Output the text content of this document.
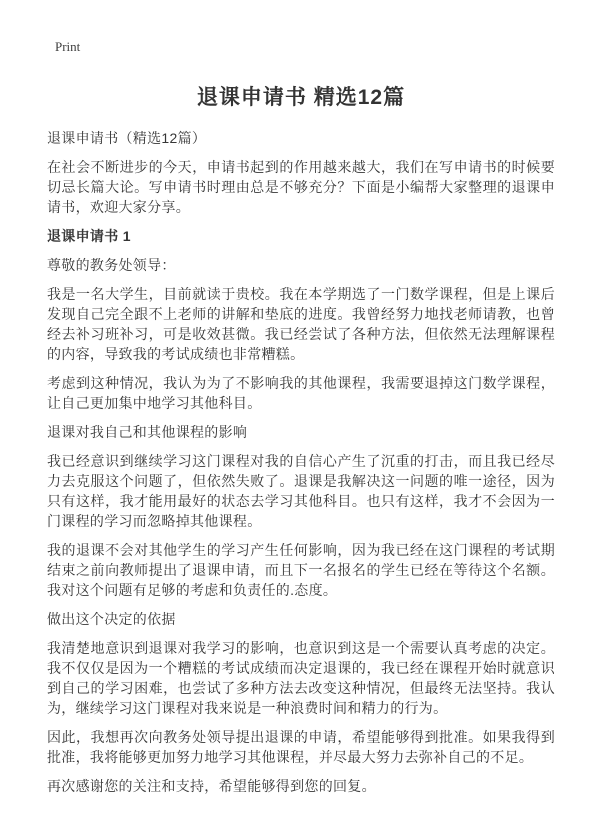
Print
退课申请书 精选12篇

退课申请书（精选12篇）

在社会不断进步的今天，申请书起到的作用越来越大，我们在写申请书的时候要切忌长篇大论。写申请书时理由总是不够充分？下面是小编帮大家整理的退课申请书，欢迎大家分享。

退课申请书 1

尊敬的教务处领导：

我是一名大学生，目前就读于贵校。我在本学期选了一门数学课程，但是上课后发现自己完全跟不上老师的讲解和垫底的进度。我曾经努力地找老师请教，也曾经去补习班补习，可是收效甚微。我已经尝试了各种方法，但依然无法理解课程的内容，导致我的考试成绩也非常糟糕。

考虑到这种情况，我认为为了不影响我的其他课程，我需要退掉这门数学课程，让自己更加集中地学习其他科目。

退课对我自己和其他课程的影响

我已经意识到继续学习这门课程对我的自信心产生了沉重的打击，而且我已经尽力去克服这个问题了，但依然失败了。退课是我解决这一问题的唯一途径，因为只有这样，我才能用最好的状态去学习其他科目。也只有这样，我才不会因为一门课程的学习而忽略掉其他课程。

我的退课不会对其他学生的学习产生任何影响，因为我已经在这门课程的考试期结束之前向教师提出了退课申请，而且下一名报名的学生已经在等待这个名额。我对这个问题有足够的考虑和负责任的.态度。

做出这个决定的依据

我清楚地意识到退课对我学习的影响，也意识到这是一个需要认真考虑的决定。我不仅仅是因为一个糟糕的考试成绩而决定退课的，我已经在课程开始时就意识到自己的学习困难，也尝试了多种方法去改变这种情况，但最终无法坚持。我认为，继续学习这门课程对我来说是一种浪费时间和精力的行为。

因此，我想再次向教务处领导提出退课的申请，希望能够得到批准。如果我得到批准，我将能够更加努力地学习其他课程，并尽最大努力去弥补自己的不足。

再次感谢您的关注和支持，希望能够得到您的回复。
